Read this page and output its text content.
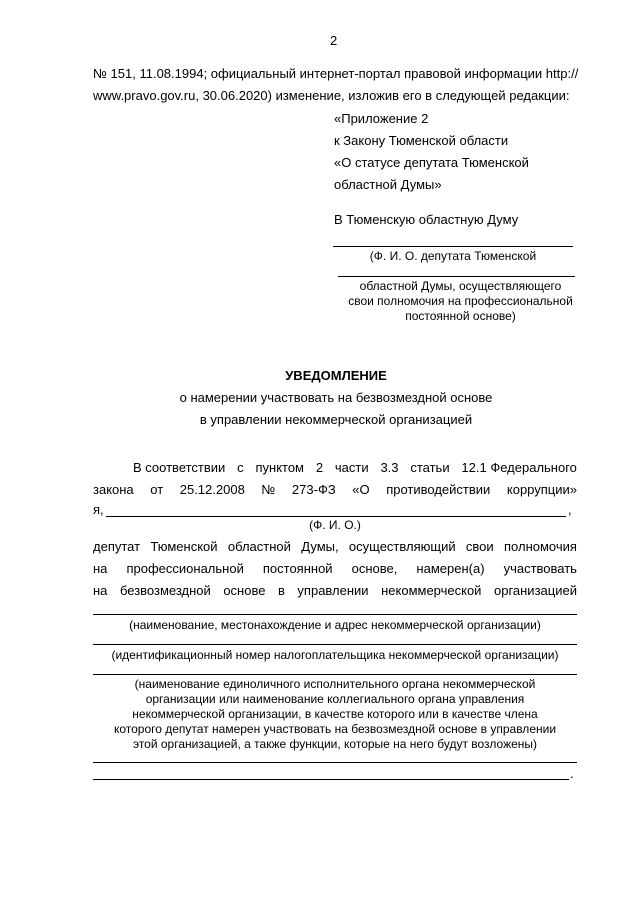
2
№ 151, 11.08.1994; официальный интернет-портал правовой информации http://
www.pravo.gov.ru, 30.06.2020) изменение, изложив его в следующей редакции:
«Приложение 2
к Закону Тюменской области
«О статусе депутата Тюменской
областной Думы»
В Тюменскую областную Думу
(Ф. И. О. депутата Тюменской
областной Думы, осуществляющего
свои полномочия на профессиональной
постоянной основе)
УВЕДОМЛЕНИЕ
о намерении участвовать на безвозмездной основе
в управлении некоммерческой организацией
В соответствии с пунктом 2 части 3.3 статьи 12.1 Федерального
закона от 25.12.2008 № 273-ФЗ «О противодействии коррупции»
я,	,
(Ф. И. О.)
депутат Тюменской областной Думы, осуществляющий свои полномочия
на профессиональной постоянной основе, намерен(а) участвовать
на безвозмездной основе в управлении некоммерческой организацией
(наименование, местонахождение и адрес некоммерческой организации)
(идентификационный номер налогоплательщика некоммерческой организации)
(наименование единоличного исполнительного органа некоммерческой
организации или наименование коллегиального органа управления
некоммерческой организации, в качестве которого или в качестве члена
которого депутат намерен участвовать на безвозмездной основе в управлении
этой организацией, а также функции, которые на него будут возложены)
.
